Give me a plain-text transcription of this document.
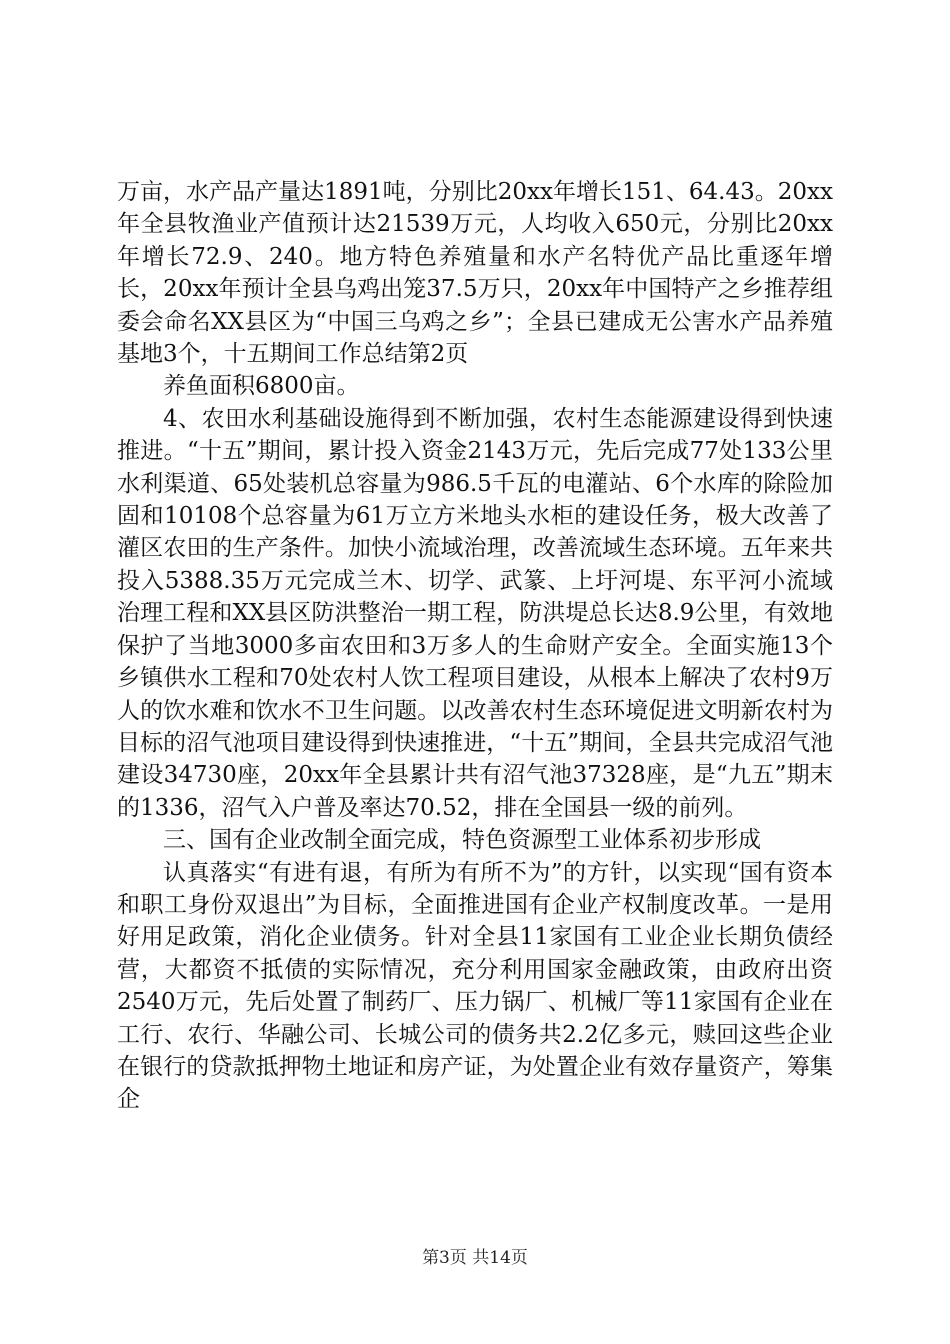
万亩，水产品产量达1891吨，分别比20xx年增长151、64.43。20xx年全县牧渔业产值预计达21539万元，人均收入650元，分别比20xx年增长72.9、240。地方特色养殖量和水产名特优产品比重逐年增长，20xx年预计全县乌鸡出笼37.5万只，20xx年中国特产之乡推荐组委会命名XX县区为“中国三乌鸡之乡”；全县已建成无公害水产品养殖基地3个，十五期间工作总结第2页

养鱼面积6800亩。

4、农田水利基础设施得到不断加强，农村生态能源建设得到快速推进。“十五”期间，累计投入资金2143万元，先后完成77处133公里水利渠道、65处装机总容量为986.5千瓦的电灌站、6个水库的除险加固和10108个总容量为61万立方米地头水柜的建设任务，极大改善了灌区农田的生产条件。加快小流域治理，改善流域生态环境。五年来共投入5388.35万元完成兰木、切学、武篆、上圩河堤、东平河小流域治理工程和XX县区防洪整治一期工程，防洪堤总长达8.9公里，有效地保护了当地3000多亩农田和3万多人的生命财产安全。全面实施13个乡镇供水工程和70处农村人饮工程项目建设，从根本上解决了农村9万人的饮水难和饮水不卫生问题。以改善农村生态环境促进文明新农村为目标的沼气池项目建设得到快速推进，“十五”期间，全县共完成沼气池建设34730座，20xx年全县累计共有沼气池37328座，是“九五”期末的1336，沼气入户普及率达70.52，排在全国县一级的前列。

三、国有企业改制全面完成，特色资源型工业体系初步形成

认真落实“有进有退，有所为有所不为”的方针，以实现“国有资本和职工身份双退出”为目标，全面推进国有企业产权制度改革。一是用好用足政策，消化企业债务。针对全县11家国有工业企业长期负债经营，大都资不抵债的实际情况，充分利用国家金融政策，由政府出资2540万元，先后处置了制药厂、压力锅厂、机械厂等11家国有企业在工行、农行、华融公司、长城公司的债务共2.2亿多元，赎回这些企业在银行的贷款抵押物土地证和房产证，为处置企业有效存量资产，筹集企

第3页 共14页
